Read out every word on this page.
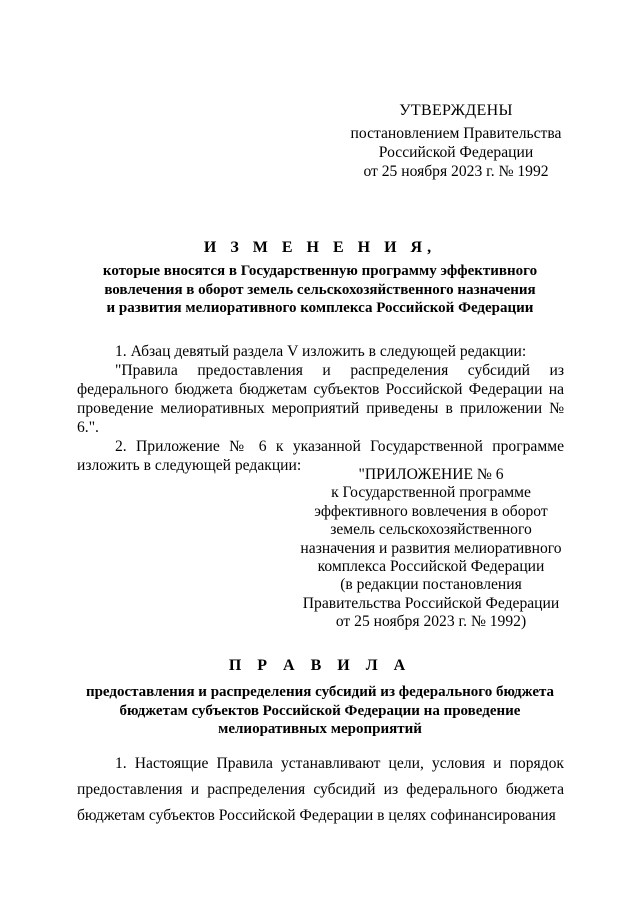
УТВЕРЖДЕНЫ
постановлением Правительства
Российской Федерации
от 25 ноября 2023 г. № 1992
И З М Е Н Е Н И Я,
которые вносятся в Государственную программу эффективного
вовлечения в оборот земель сельскохозяйственного назначения
и развития мелиоративного комплекса Российской Федерации

1. Абзац девятый раздела V изложить в следующей редакции:

"Правила предоставления и распределения субсидий из федерального бюджета бюджетам субъектов Российской Федерации на проведение мелиоративных мероприятий приведены в приложении № 6.".

2. Приложение № 6 к указанной Государственной программе

изложить в следующей редакции:

"ПРИЛОЖЕНИЕ № 6
к Государственной программе
эффективного вовлечения в оборот
земель сельскохозяйственного
назначения и развития мелиоративного
комплекса Российской Федерации
(в редакции постановления
Правительства Российской Федерации
от 25 ноября 2023 г. № 1992)
П Р А В И Л А
предоставления и распределения субсидий из федерального бюджета
бюджетам субъектов Российской Федерации на проведение
мелиоративных мероприятий

1. Настоящие Правила устанавливают цели, условия и порядок предоставления и распределения субсидий из федерального бюджета бюджетам субъектов Российской Федерации в целях софинансирования
